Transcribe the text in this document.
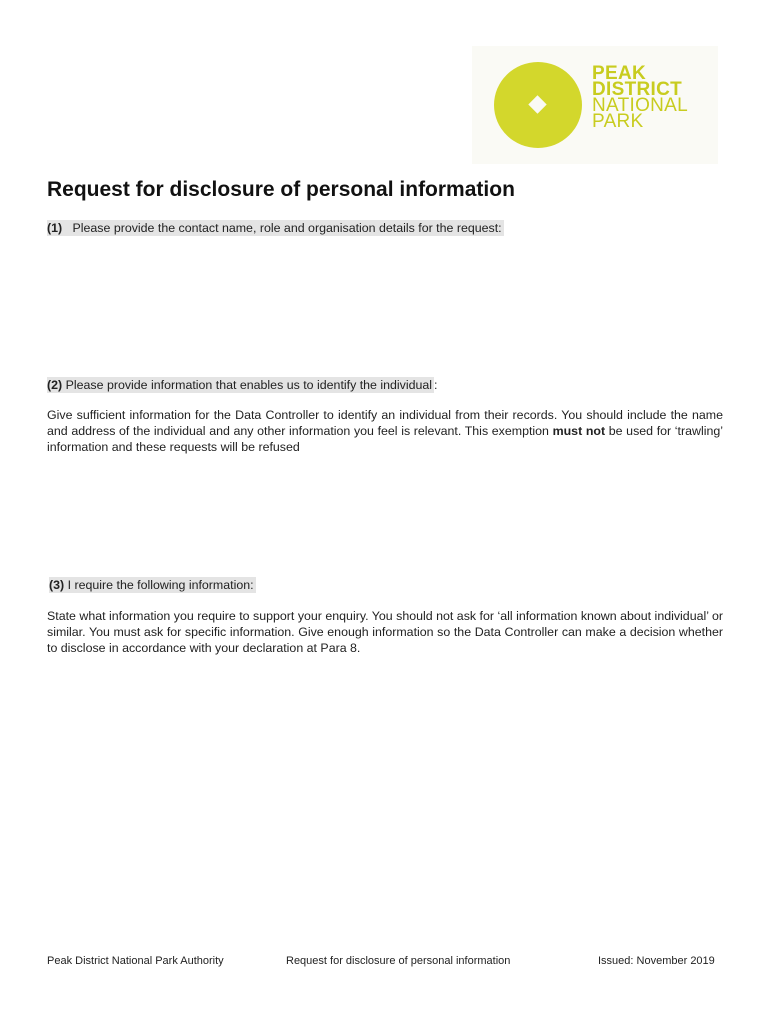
PEAK
DISTRICT
NATIONAL
PARK
Request for disclosure of personal information

(1) Please provide the contact name, role and organisation details for the request:

(2) Please provide information that enables us to identify the individual :

Give sufficient information for the Data Controller to identify an individual from their records. You should include the name and address of the individual and any other information you feel is relevant. This exemption must not be used for ‘trawling’ information and these requests will be refused

(3) I require the following information:

State what information you require to support your enquiry. You should not ask for ‘all information known about individual’ or similar. You must ask for specific information. Give enough information so the Data Controller can make a decision whether to disclose in accordance with your declaration at Para 8.

Peak District National Park Authority	Request for disclosure of personal information	Issued: November 2019
